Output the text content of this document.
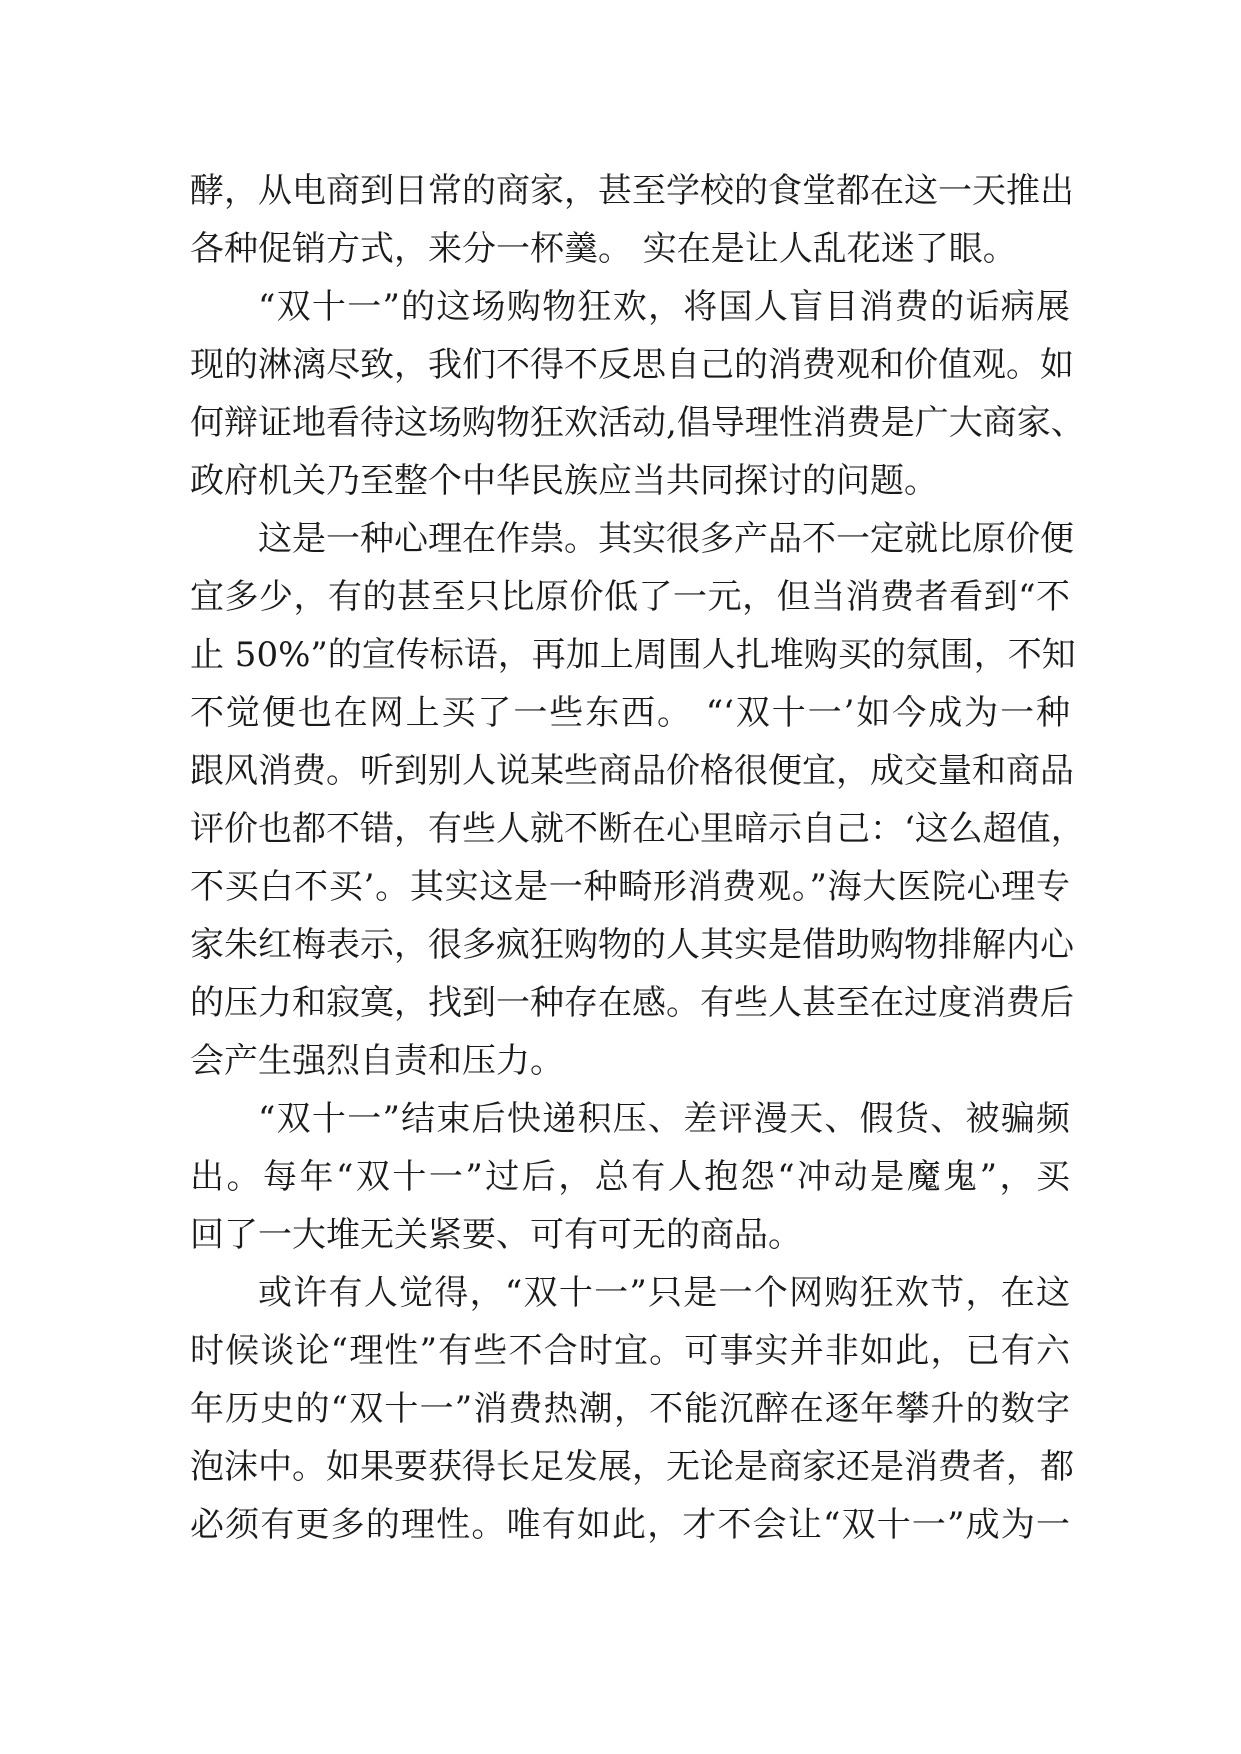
酵，从电商到日常的商家，甚至学校的食堂都在这一天推出
各种促销方式，来分一杯羹。 实在是让人乱花迷了眼。
“双十一”的这场购物狂欢，将国人盲目消费的诟病展
现的淋漓尽致，我们不得不反思自己的消费观和价值观。如
何辩证地看待这场购物狂欢活动,倡导理性消费是广大商家、
政府机关乃至整个中华民族应当共同探讨的问题。
这是一种心理在作祟。其实很多产品不一定就比原价便
宜多少，有的甚至只比原价低了一元，但当消费者看到“不
止 50%”的宣传标语，再加上周围人扎堆购买的氛围，不知
不觉便也在网上买了一些东西。 “‘双十一’如今成为一种
跟风消费。听到别人说某些商品价格很便宜，成交量和商品
评价也都不错，有些人就不断在心里暗示自己：‘这么超值，
不买白不买’。其实这是一种畸形消费观。”海大医院心理专
家朱红梅表示，很多疯狂购物的人其实是借助购物排解内心
的压力和寂寞，找到一种存在感。有些人甚至在过度消费后
会产生强烈自责和压力。
“双十一”结束后快递积压、差评漫天、假货、被骗频
出。每年“双十一”过后，总有人抱怨“冲动是魔鬼”，买
回了一大堆无关紧要、可有可无的商品。
或许有人觉得，“双十一”只是一个网购狂欢节，在这
时候谈论“理性”有些不合时宜。可事实并非如此，已有六
年历史的“双十一”消费热潮，不能沉醉在逐年攀升的数字
泡沫中。如果要获得长足发展，无论是商家还是消费者，都
必须有更多的理性。唯有如此，才不会让“双十一”成为一
